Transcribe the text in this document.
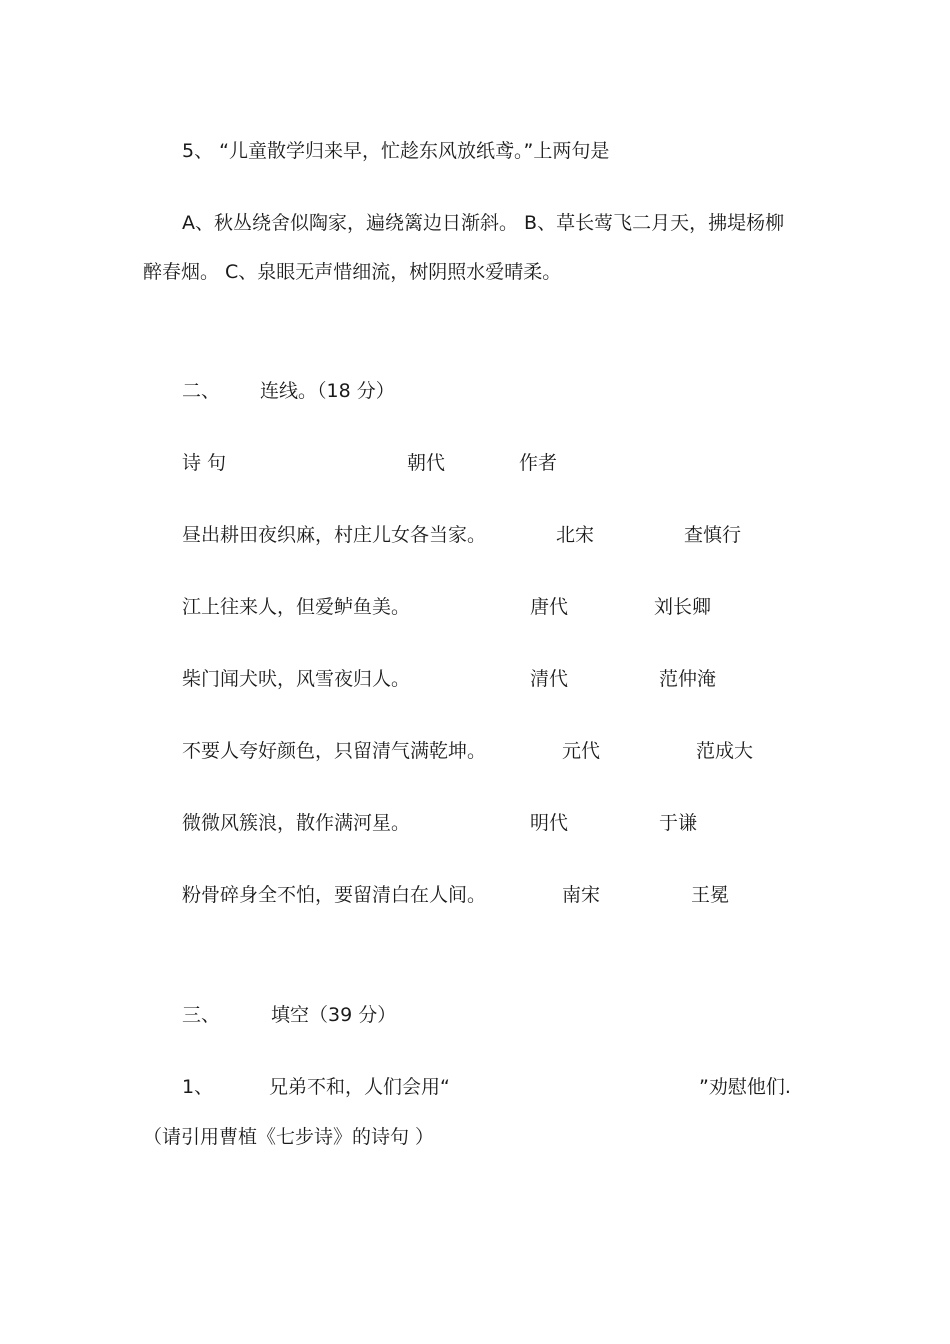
5、 “儿童散学归来早，忙趁东风放纸鸢。”上两句是
A、秋丛绕舍似陶家，遍绕篱边日渐斜。 B、草长莺飞二月天，拂堤杨柳
醉春烟。 C、泉眼无声惜细流，树阴照水爱晴柔。
二、 连线。（18 分）
诗 句	朝代	作者
昼出耕田夜织麻，村庄儿女各当家。	北宋	查慎行
江上往来人，但爱鲈鱼美。	唐代	刘长卿
柴门闻犬吠，风雪夜归人。	清代	范仲淹
不要人夸好颜色，只留清气满乾坤。	元代	范成大
微微风簇浪，散作满河星。	明代	于谦
粉骨碎身全不怕，要留清白在人间。	南宋	王冕
三、	填空（39 分）
1、	兄弟不和，人们会用“	”劝慰他们.
（请引用曹植《七步诗》的诗句 ）
